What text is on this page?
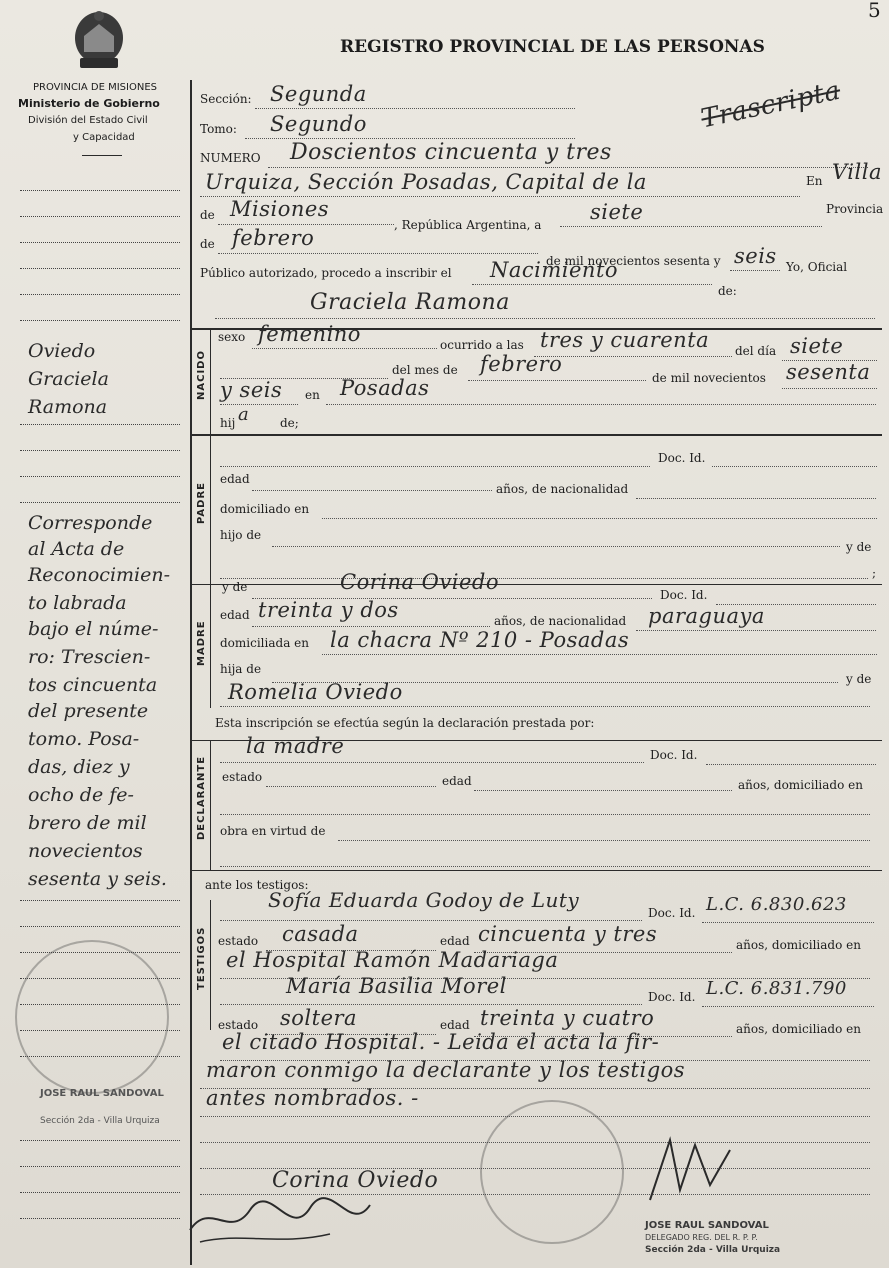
5
PROVINCIA DE MISIONES
Ministerio de Gobierno
División del Estado Civil
y Capacidad
REGISTRO PROVINCIAL DE LAS PERSONAS
Trascripta
Oviedo
Graciela
Ramona
Corresponde
al Acta de
Reconocimien-
to labrada
bajo el núme-
ro: Trescien-
tos cincuenta
del presente
tomo. Posa-
das, diez y
ocho de fe-
brero de mil
novecientos
sesenta y seis.
Sección: Segunda
Tomo: Segundo
NUMERO Doscientos cincuenta y tres
Urquiza, Sección Posadas, Capital de la	En Villa
de Misiones
, República Argentina, a
siete	Provincia
de febrero
de mil novecientos sesenta y seis Yo, Oficial
Público autorizado, procedo a inscribir el Nacimiento
de:
Graciela Ramona
NACIDO
sexo femenino	ocurrido a las tres y cuarenta del día siete
del mes de febrero
de mil novecientos sesenta
y seis en Posadas
hij a	de;
PADRE
Doc. Id.
edad
años, de nacionalidad
domiciliado en
hijo de
y de
;
MADRE
y de	Corina Oviedo
Doc. Id.
edad treinta y dos	años, de nacionalidad paraguaya
domiciliada en la chacra Nº 210 - Posadas
hija de
y de
Romelia Oviedo
Esta inscripción se efectúa según la declaración prestada por:
DECLARANTE
la madre	Doc. Id.
estado	edad	años, domiciliado en
obra en virtud de
ante los testigos:
TESTIGOS
Sofía Eduarda Godoy de Luty
Doc. Id. L.C. 6.830.623
estado casada	edad cincuenta y tres	años, domiciliado en
el Hospital Ramón Madariaga
María Basilia Morel	Doc. Id. L.C. 6.831.790
estado soltera	edad treinta y cuatro	años, domiciliado en
el citado Hospital. - Leida el acta la fir-
maron conmigo la declarante y los testigos
antes nombrados. -
Corina Oviedo
JOSE RAUL SANDOVAL
DELEGADO REG. DEL R. P. P.
Sección 2da - Villa Urquiza
JOSE RAUL SANDOVAL
Sección 2da - Villa Urquiza
